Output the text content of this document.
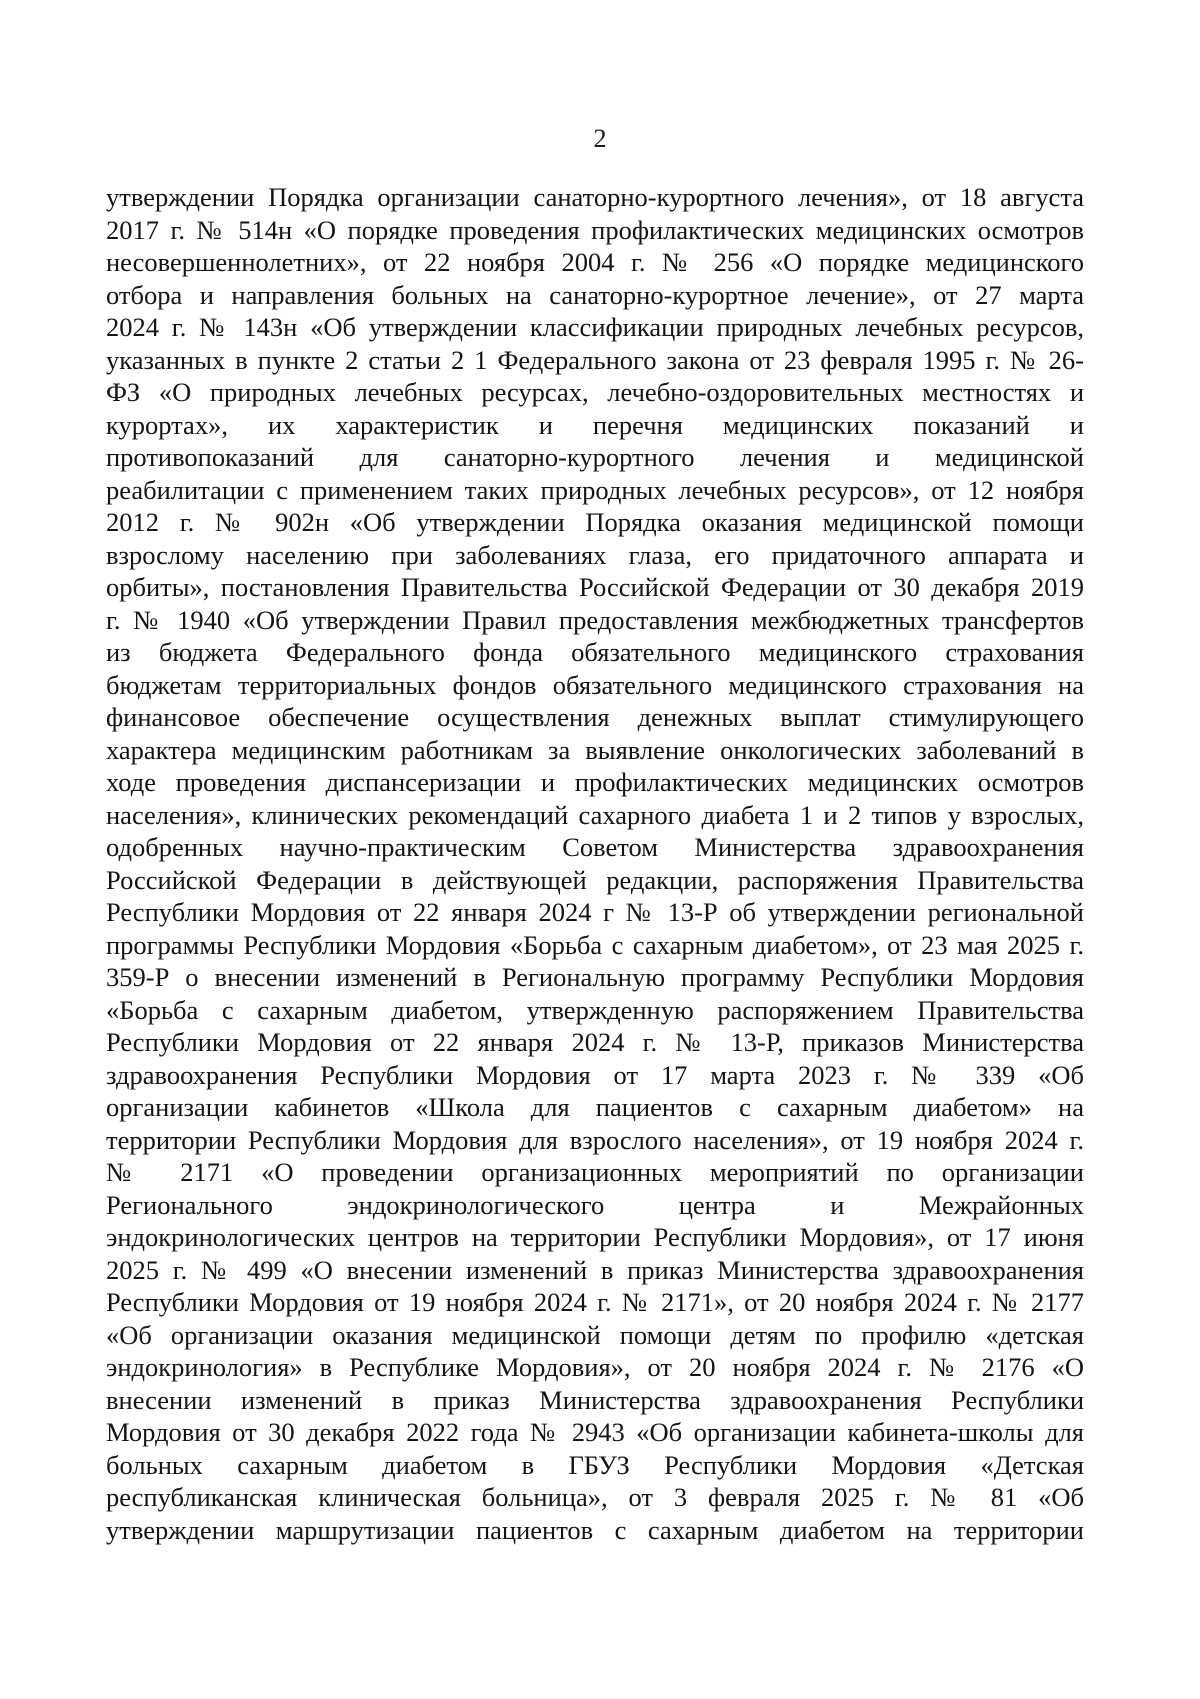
2
утверждении Порядка организации санаторно-курортного лечения», от 18 августа
2017 г. № 514н «О порядке проведения профилактических медицинских осмотров
несовершеннолетних», от 22 ноября 2004 г. № 256 «О порядке медицинского
отбора и направления больных на санаторно-курортное лечение», от 27 марта
2024 г. № 143н «Об утверждении классификации природных лечебных ресурсов,
указанных в пункте 2 статьи 2 1 Федерального закона от 23 февраля 1995 г. № 26-
ФЗ «О природных лечебных ресурсах, лечебно-оздоровительных местностях и
курортах», их характеристик и перечня медицинских показаний и
противопоказаний для санаторно-курортного лечения и медицинской
реабилитации с применением таких природных лечебных ресурсов», от 12 ноября
2012 г. № 902н «Об утверждении Порядка оказания медицинской помощи
взрослому населению при заболеваниях глаза, его придаточного аппарата и
орбиты», постановления Правительства Российской Федерации от 30 декабря 2019
г. № 1940 «Об утверждении Правил предоставления межбюджетных трансфертов
из бюджета Федерального фонда обязательного медицинского страхования
бюджетам территориальных фондов обязательного медицинского страхования на
финансовое обеспечение осуществления денежных выплат стимулирующего
характера медицинским работникам за выявление онкологических заболеваний в
ходе проведения диспансеризации и профилактических медицинских осмотров
населения», клинических рекомендаций сахарного диабета 1 и 2 типов у взрослых,
одобренных научно-практическим Советом Министерства здравоохранения
Российской Федерации в действующей редакции, распоряжения Правительства
Республики Мордовия от 22 января 2024 г № 13-Р об утверждении региональной
программы Республики Мордовия «Борьба с сахарным диабетом», от 23 мая 2025 г.
359-Р о внесении изменений в Региональную программу Республики Мордовия
«Борьба с сахарным диабетом, утвержденную распоряжением Правительства
Республики Мордовия от 22 января 2024 г. № 13-Р, приказов Министерства
здравоохранения Республики Мордовия от 17 марта 2023 г. № 339 «Об
организации кабинетов «Школа для пациентов с сахарным диабетом» на
территории Республики Мордовия для взрослого населения», от 19 ноября 2024 г.
№ 2171 «О проведении организационных мероприятий по организации
Регионального эндокринологического центра и Межрайонных
эндокринологических центров на территории Республики Мордовия», от 17 июня
2025 г. № 499 «О внесении изменений в приказ Министерства здравоохранения
Республики Мордовия от 19 ноября 2024 г. № 2171», от 20 ноября 2024 г. № 2177
«Об организации оказания медицинской помощи детям по профилю «детская
эндокринология» в Республике Мордовия», от 20 ноября 2024 г. № 2176 «О
внесении изменений в приказ Министерства здравоохранения Республики
Мордовия от 30 декабря 2022 года № 2943 «Об организации кабинета-школы для
больных сахарным диабетом в ГБУЗ Республики Мордовия «Детская
республиканская клиническая больница», от 3 февраля 2025 г. № 81 «Об
утверждении маршрутизации пациентов с сахарным диабетом на территории
